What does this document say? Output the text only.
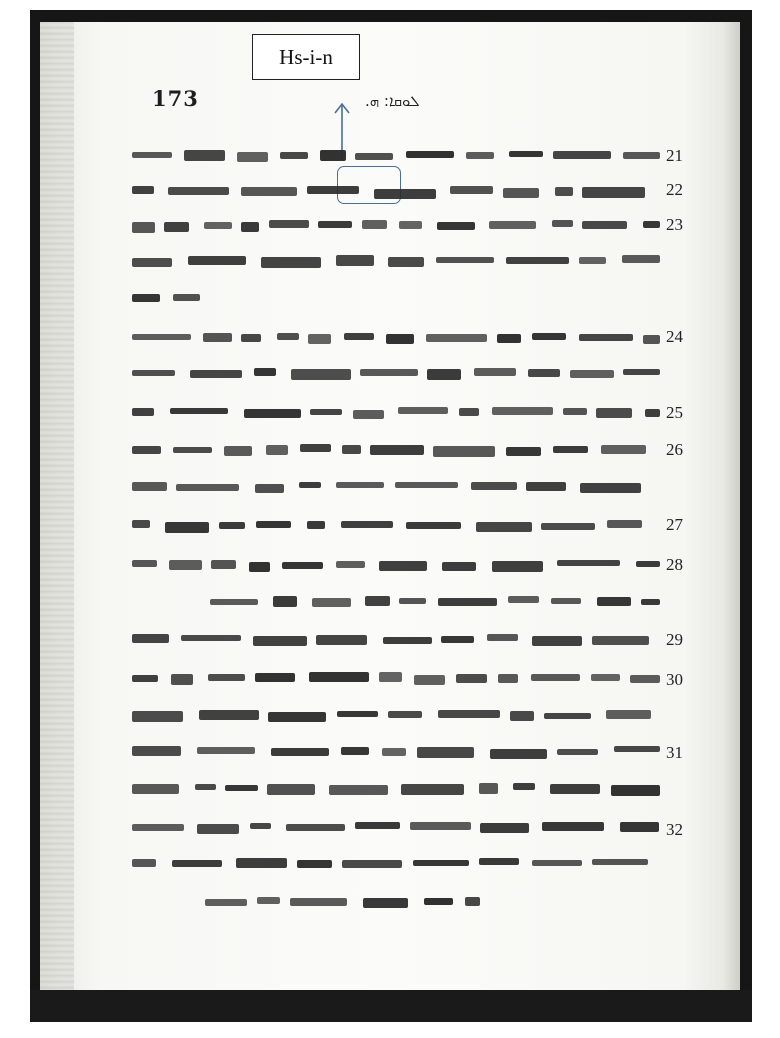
Hs-i-n
173	ܠܘܩܐ: ܗ.
21
22
23
24
25
26
27
28
29
30
31
32
